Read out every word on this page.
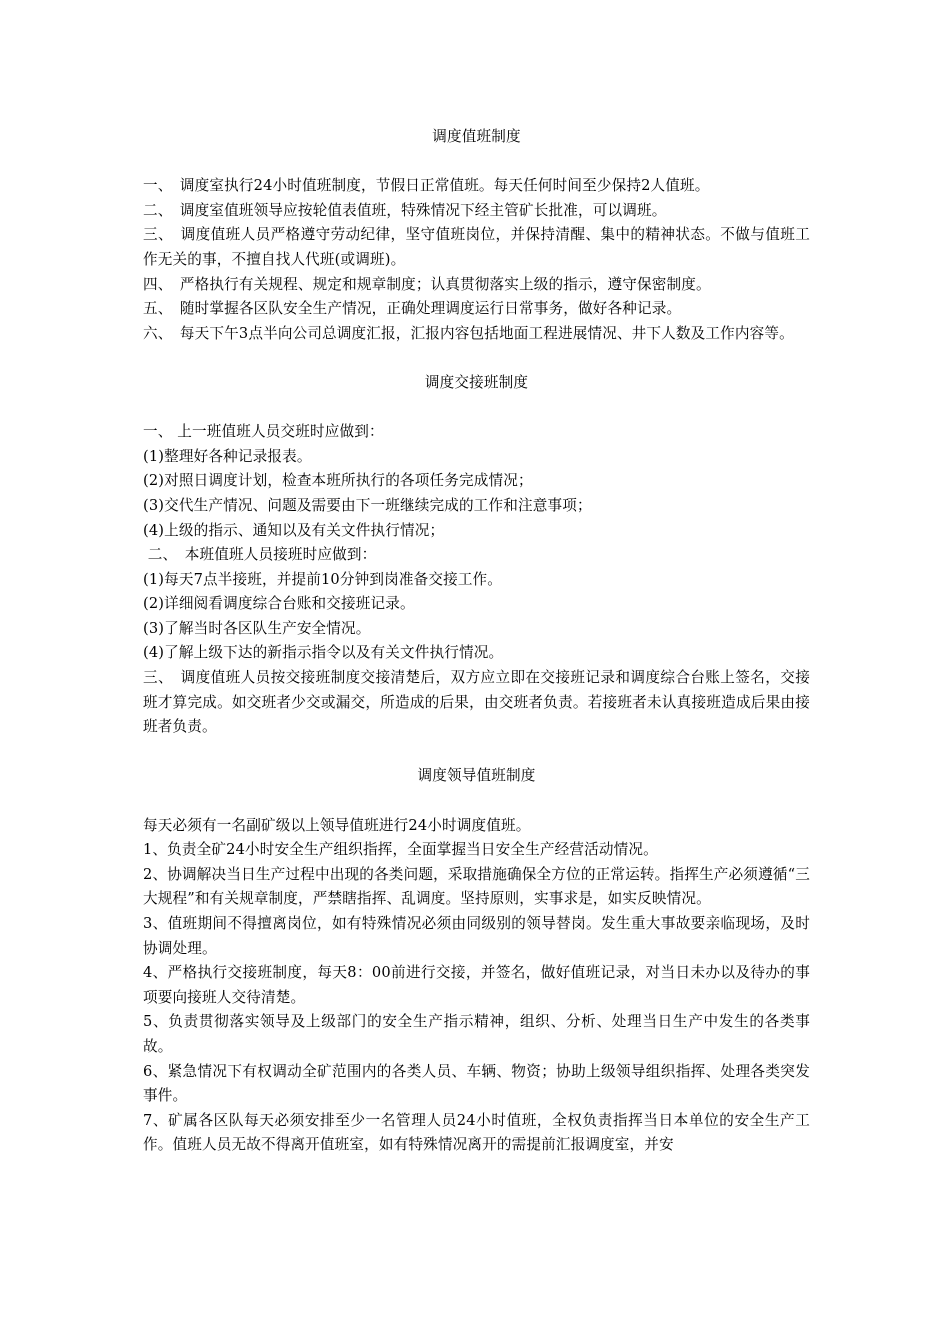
调度值班制度

一、　调度室执行24小时值班制度，节假日正常值班。每天任何时间至少保持2人值班。

二、　调度室值班领导应按轮值表值班，特殊情况下经主管矿长批准，可以调班。

三、　调度值班人员严格遵守劳动纪律，坚守值班岗位，并保持清醒、集中的精神状态。不做与值班工作无关的事，不擅自找人代班(或调班)。

四、　严格执行有关规程、规定和规章制度；认真贯彻落实上级的指示，遵守保密制度。

五、　随时掌握各区队安全生产情况，正确处理调度运行日常事务，做好各种记录。

六、　每天下午3点半向公司总调度汇报，汇报内容包括地面工程进展情况、井下人数及工作内容等。

调度交接班制度

一、 上一班值班人员交班时应做到：

(1)整理好各种记录报表。

(2)对照日调度计划，检查本班所执行的各项任务完成情况；

(3)交代生产情况、问题及需要由下一班继续完成的工作和注意事项；

(4)上级的指示、通知以及有关文件执行情况；

二、　本班值班人员接班时应做到：

(1)每天7点半接班，并提前10分钟到岗准备交接工作。

(2)详细阅看调度综合台账和交接班记录。

(3)了解当时各区队生产安全情况。

(4)了解上级下达的新指示指令以及有关文件执行情况。

三、　调度值班人员按交接班制度交接清楚后，双方应立即在交接班记录和调度综合台账上签名，交接班才算完成。如交班者少交或漏交，所造成的后果，由交班者负责。若接班者未认真接班造成后果由接班者负责。

调度领导值班制度

每天必须有一名副矿级以上领导值班进行24小时调度值班。

1、负责全矿24小时安全生产组织指挥，全面掌握当日安全生产经营活动情况。

2、协调解决当日生产过程中出现的各类问题，采取措施确保全方位的正常运转。指挥生产必须遵循“三大规程”和有关规章制度，严禁瞎指挥、乱调度。坚持原则，实事求是，如实反映情况。

3、值班期间不得擅离岗位，如有特殊情况必须由同级别的领导替岗。发生重大事故要亲临现场，及时协调处理。

4、严格执行交接班制度，每天8：00前进行交接，并签名，做好值班记录，对当日未办以及待办的事项要向接班人交待清楚。

5、负责贯彻落实领导及上级部门的安全生产指示精神，组织、分析、处理当日生产中发生的各类事故。

6、紧急情况下有权调动全矿范围内的各类人员、车辆、物资；协助上级领导组织指挥、处理各类突发事件。

7、矿属各区队每天必须安排至少一名管理人员24小时值班，全权负责指挥当日本单位的安全生产工作。值班人员无故不得离开值班室，如有特殊情况离开的需提前汇报调度室，并安
